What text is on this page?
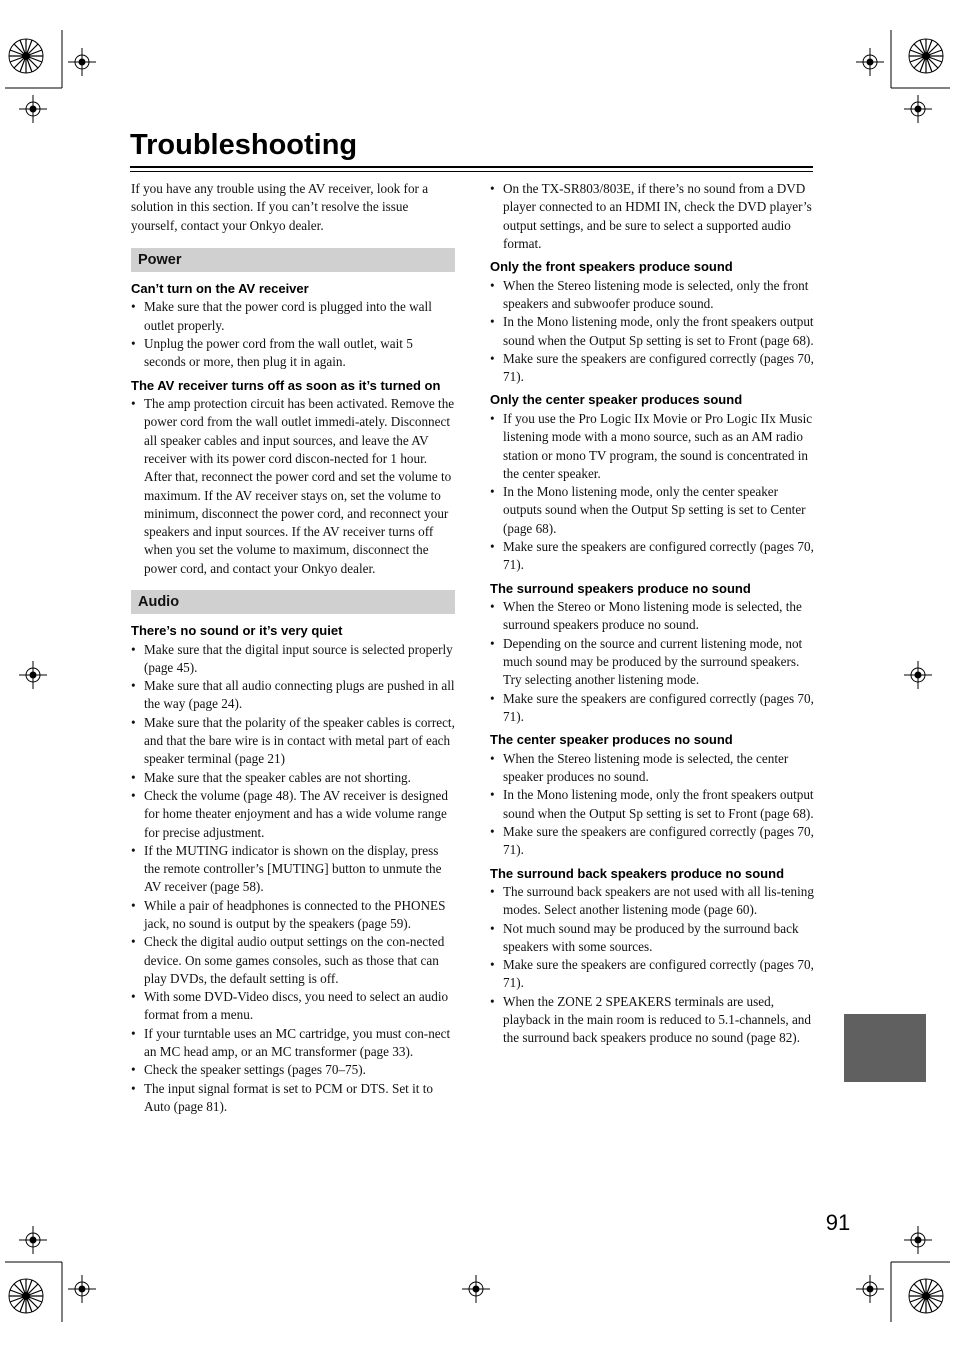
Troubleshooting

If you have any trouble using the AV receiver, look for a solution in this section. If you can’t resolve the issue yourself, contact your Onkyo dealer.

Power
Can’t turn on the AV receiver
• Make sure that the power cord is plugged into the wall outlet properly.
• Unplug the power cord from the wall outlet, wait 5 seconds or more, then plug it in again.
The AV receiver turns off as soon as it’s turned on
• The amp protection circuit has been activated. Remove the power cord from the wall outlet immedi-ately. Disconnect all speaker cables and input sources, and leave the AV receiver with its power cord discon-nected for 1 hour. After that, reconnect the power cord and set the volume to maximum. If the AV receiver stays on, set the volume to minimum, disconnect the power cord, and reconnect your speakers and input sources. If the AV receiver turns off when you set the volume to maximum, disconnect the power cord, and contact your Onkyo dealer.
Audio
There’s no sound or it’s very quiet
• Make sure that the digital input source is selected properly (page 45).
• Make sure that all audio connecting plugs are pushed in all the way (page 24).
• Make sure that the polarity of the speaker cables is correct, and that the bare wire is in contact with metal part of each speaker terminal (page 21)
• Make sure that the speaker cables are not shorting.
• Check the volume (page 48). The AV receiver is designed for home theater enjoyment and has a wide volume range for precise adjustment.
• If the MUTING indicator is shown on the display, press the remote controller’s [MUTING] button to unmute the AV receiver (page 58).
• While a pair of headphones is connected to the PHONES jack, no sound is output by the speakers (page 59).
• Check the digital audio output settings on the con-nected device. On some games consoles, such as those that can play DVDs, the default setting is off.
• With some DVD-Video discs, you need to select an audio format from a menu.
• If your turntable uses an MC cartridge, you must con-nect an MC head amp, or an MC transformer (page 33).
• Check the speaker settings (pages 70–75).
• The input signal format is set to PCM or DTS. Set it to Auto (page 81).
• On the TX-SR803/803E, if there’s no sound from a DVD player connected to an HDMI IN, check the DVD player’s output settings, and be sure to select a supported audio format.
Only the front speakers produce sound
• When the Stereo listening mode is selected, only the front speakers and subwoofer produce sound.
• In the Mono listening mode, only the front speakers output sound when the Output Sp setting is set to Front (page 68).
• Make sure the speakers are configured correctly (pages 70, 71).
Only the center speaker produces sound
• If you use the Pro Logic IIx Movie or Pro Logic IIx Music listening mode with a mono source, such as an AM radio station or mono TV program, the sound is concentrated in the center speaker.
• In the Mono listening mode, only the center speaker outputs sound when the Output Sp setting is set to Center (page 68).
• Make sure the speakers are configured correctly (pages 70, 71).
The surround speakers produce no sound
• When the Stereo or Mono listening mode is selected, the surround speakers produce no sound.
• Depending on the source and current listening mode, not much sound may be produced by the surround speakers. Try selecting another listening mode.
• Make sure the speakers are configured correctly (pages 70, 71).
The center speaker produces no sound
• When the Stereo listening mode is selected, the center speaker produces no sound.
• In the Mono listening mode, only the front speakers output sound when the Output Sp setting is set to Front (page 68).
• Make sure the speakers are configured correctly (pages 70, 71).
The surround back speakers produce no sound
• The surround back speakers are not used with all lis-tening modes. Select another listening mode (page 60).
• Not much sound may be produced by the surround back speakers with some sources.
• Make sure the speakers are configured correctly (pages 70, 71).
• When the ZONE 2 SPEAKERS terminals are used, playback in the main room is reduced to 5.1-channels, and the surround back speakers produce no sound (page 82).
91
